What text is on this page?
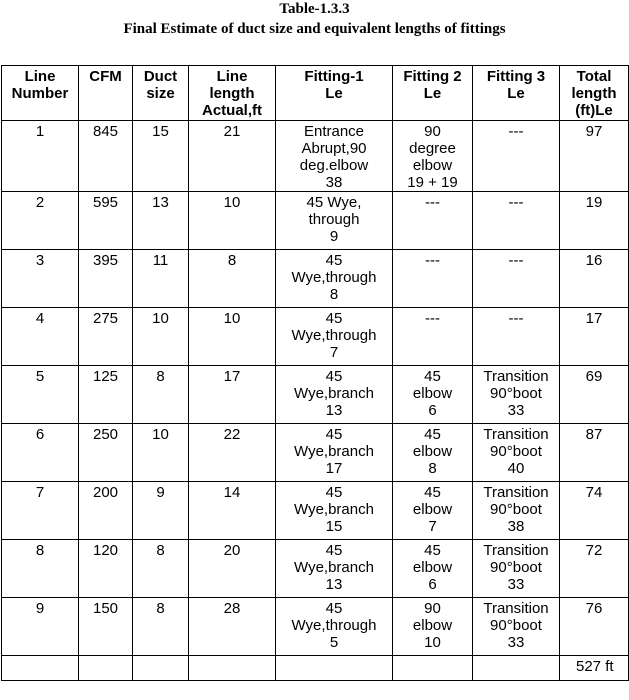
Table-1.3.3
Final Estimate of duct size and equivalent lengths of fittings
Line
Number	CFM	Duct
size	Line
length
Actual,ft	Fitting-1
Le	Fitting 2
Le	Fitting 3
Le	Total
length
(ft)Le
1	845	15	21	Entrance
Abrupt,90
deg.elbow
38	90
degree
elbow
19 + 19	---	97
2	595	13	10	45 Wye,
through
9	---	---	19
3	395	11	8	45
Wye,through
8	---	---	16
4	275	10	10	45
Wye,through
7	---	---	17
5	125	8	17	45
Wye,branch
13	45
elbow
6	Transition
90°boot
33	69
6	250	10	22	45
Wye,branch
17	45
elbow
8	Transition
90°boot
40	87
7	200	9	14	45
Wye,branch
15	45
elbow
7	Transition
90°boot
38	74
8	120	8	20	45
Wye,branch
13	45
elbow
6	Transition
90°boot
33	72
9	150	8	28	45
Wye,through
5	90
elbow
10	Transition
90°boot
33	76
							527 ft
